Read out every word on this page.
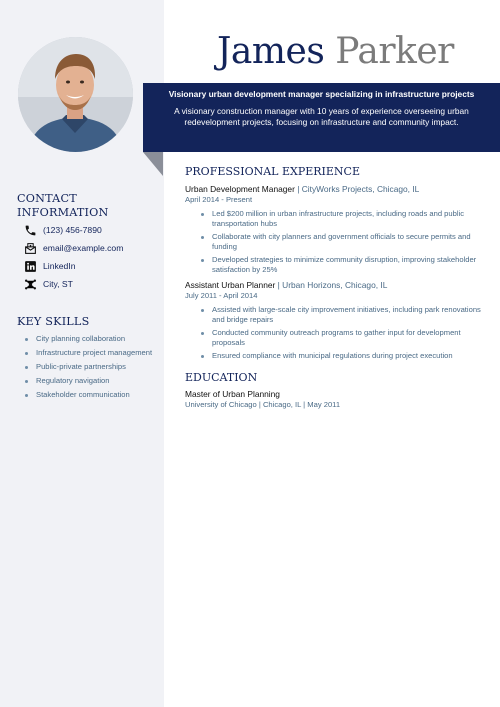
James Parker
Visionary urban development manager specializing in infrastructure projects
A visionary construction manager with 10 years of experience overseeing urban redevelopment projects, focusing on infrastructure and community impact.
CONTACT
INFORMATION
(123) 456-7890
email@example.com
LinkedIn
City, ST
KEY SKILLS
City planning collaboration
Infrastructure project management
Public-private partnerships
Regulatory navigation
Stakeholder communication
PROFESSIONAL EXPERIENCE
Urban Development Manager | CityWorks Projects, Chicago, IL
April 2014 - Present
Led $200 million in urban infrastructure projects, including roads and public transportation hubs
Collaborate with city planners and government officials to secure permits and funding
Developed strategies to minimize community disruption, improving stakeholder satisfaction by 25%
Assistant Urban Planner | Urban Horizons, Chicago, IL
July 2011 - April 2014
Assisted with large-scale city improvement initiatives, including park renovations and bridge repairs
Conducted community outreach programs to gather input for development proposals
Ensured compliance with municipal regulations during project execution
EDUCATION
Master of Urban Planning
University of Chicago | Chicago, IL | May 2011
